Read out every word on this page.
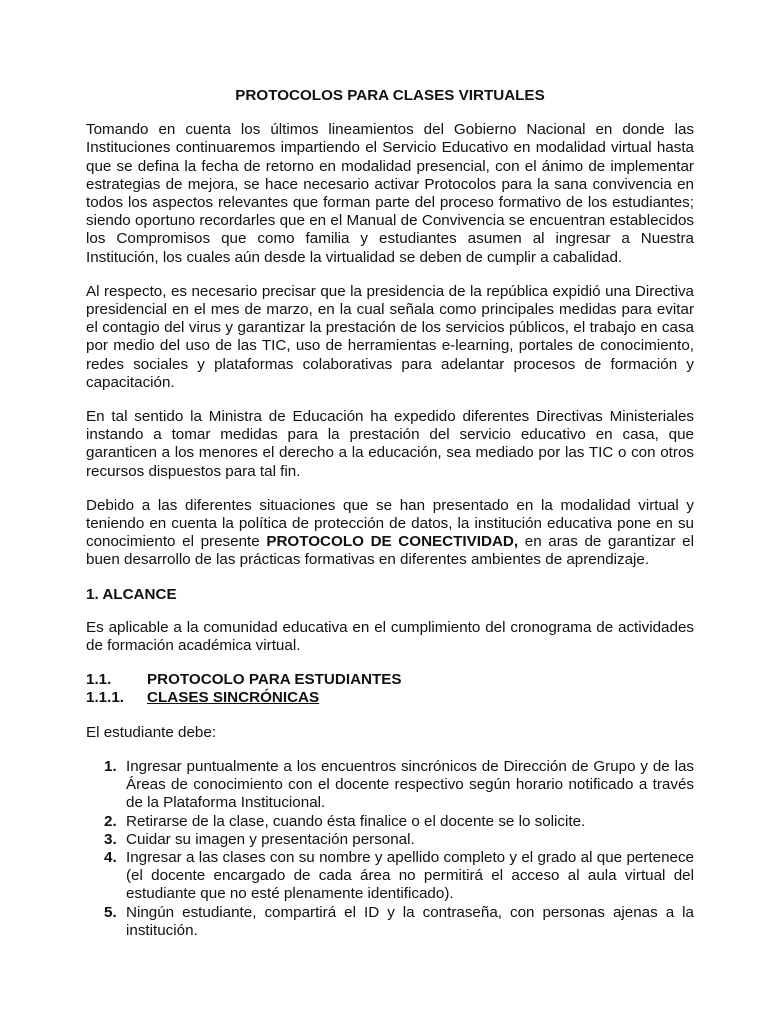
PROTOCOLOS PARA CLASES VIRTUALES

Tomando en cuenta los últimos lineamientos del Gobierno Nacional en donde las Instituciones continuaremos impartiendo el Servicio Educativo en modalidad virtual hasta que se defina la fecha de retorno en modalidad presencial, con el ánimo de implementar estrategias de mejora, se hace necesario activar Protocolos para la sana convivencia en todos los aspectos relevantes que forman parte del proceso formativo de los estudiantes; siendo oportuno recordarles que en el Manual de Convivencia se encuentran establecidos los Compromisos que como familia y estudiantes asumen al ingresar a Nuestra Institución, los cuales aún desde la virtualidad se deben de cumplir a cabalidad.

Al respecto, es necesario precisar que la presidencia de la república expidió una Directiva presidencial en el mes de marzo, en la cual señala como principales medidas para evitar el contagio del virus y garantizar la prestación de los servicios públicos, el trabajo en casa por medio del uso de las TIC, uso de herramientas e-learning, portales de conocimiento, redes sociales y plataformas colaborativas para adelantar procesos de formación y capacitación.

En tal sentido la Ministra de Educación ha expedido diferentes Directivas Ministeriales instando a tomar medidas para la prestación del servicio educativo en casa, que garanticen a los menores el derecho a la educación, sea mediado por las TIC o con otros recursos dispuestos para tal fin.

Debido a las diferentes situaciones que se han presentado en la modalidad virtual y teniendo en cuenta la política de protección de datos, la institución educativa pone en su conocimiento el presente PROTOCOLO DE CONECTIVIDAD, en aras de garantizar el buen desarrollo de las prácticas formativas en diferentes ambientes de aprendizaje.

1. ALCANCE

Es aplicable a la comunidad educativa en el cumplimiento del cronograma de actividades de formación académica virtual.

1.1.	PROTOCOLO PARA ESTUDIANTES
1.1.1.	CLASES SINCRÓNICAS

El estudiante debe:

1. Ingresar puntualmente a los encuentros sincrónicos de Dirección de Grupo y de las Áreas de conocimiento con el docente respectivo según horario notificado a través de la Plataforma Institucional.
2. Retirarse de la clase, cuando ésta finalice o el docente se lo solicite.
3. Cuidar su imagen y presentación personal.
4. Ingresar a las clases con su nombre y apellido completo y el grado al que pertenece (el docente encargado de cada área no permitirá el acceso al aula virtual del estudiante que no esté plenamente identificado).
5. Ningún estudiante, compartirá el ID y la contraseña, con personas ajenas a la institución.
